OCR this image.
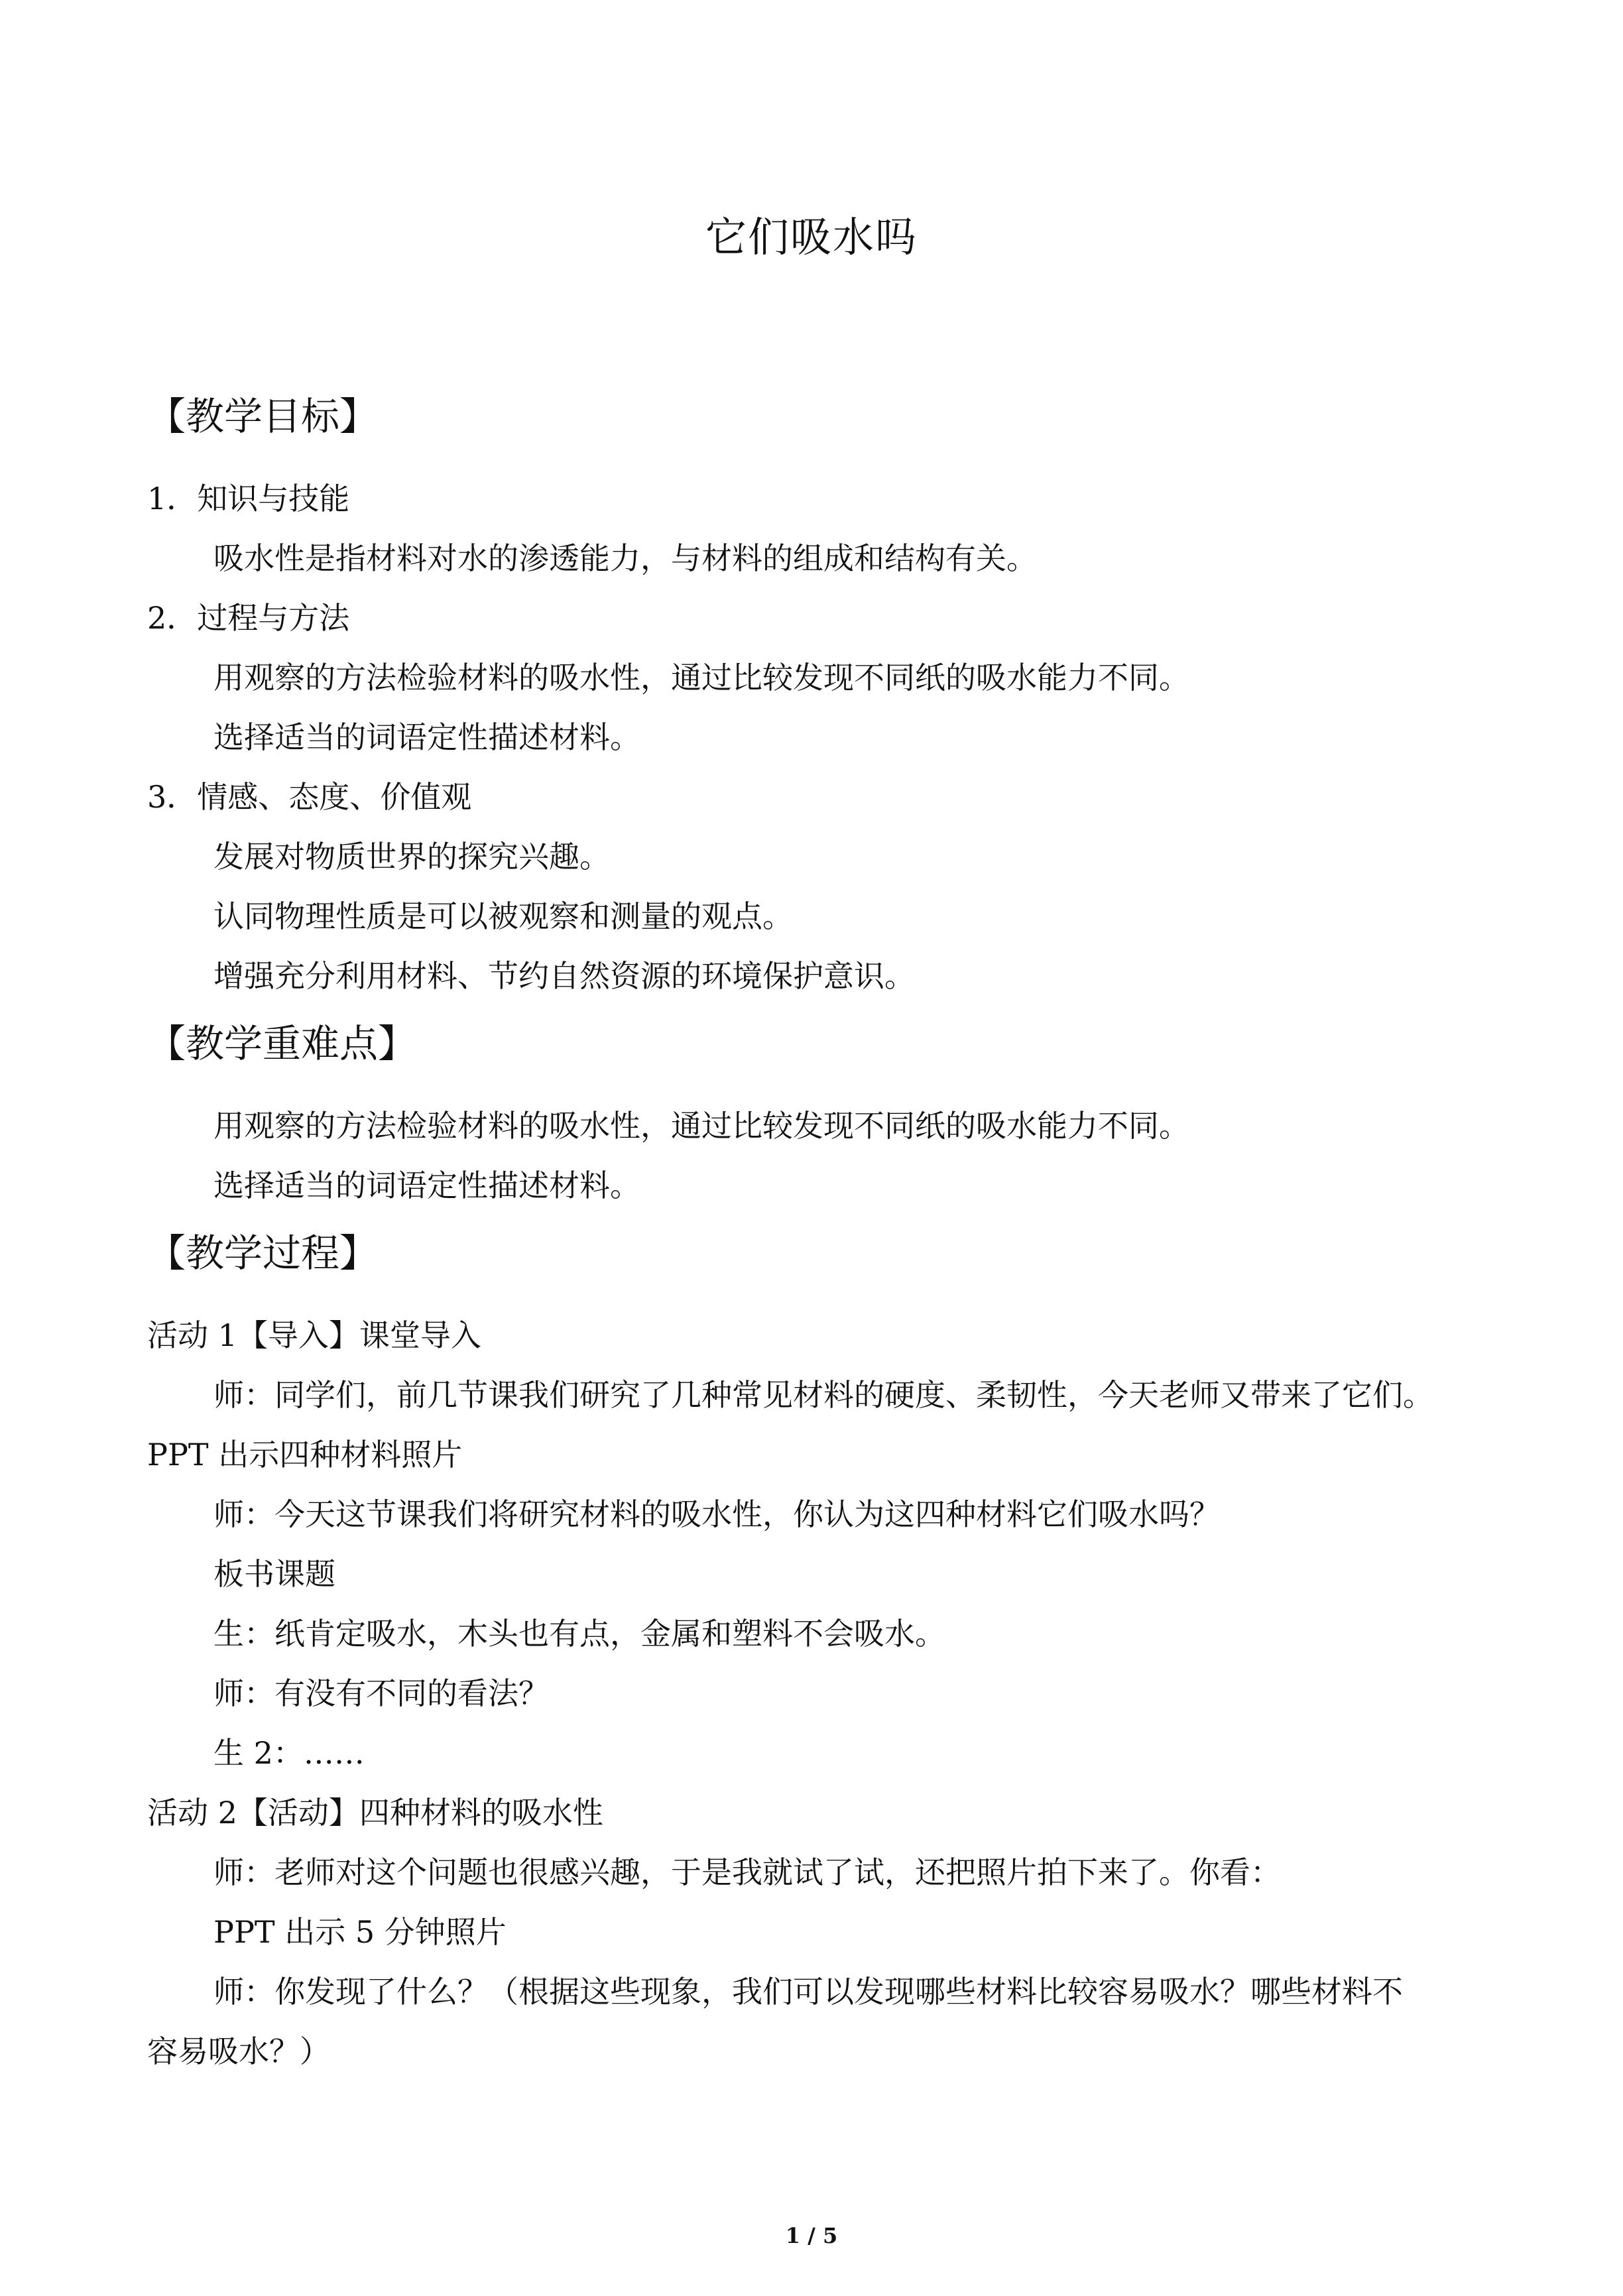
它们吸水吗
【教学目标】
1．知识与技能
吸水性是指材料对水的渗透能力，与材料的组成和结构有关。
2．过程与方法
用观察的方法检验材料的吸水性，通过比较发现不同纸的吸水能力不同。
选择适当的词语定性描述材料。
3．情感、态度、价值观
发展对物质世界的探究兴趣。
认同物理性质是可以被观察和测量的观点。
增强充分利用材料、节约自然资源的环境保护意识。
【教学重难点】
用观察的方法检验材料的吸水性，通过比较发现不同纸的吸水能力不同。
选择适当的词语定性描述材料。
【教学过程】
活动 1【导入】课堂导入
师：同学们，前几节课我们研究了几种常见材料的硬度、柔韧性，今天老师又带来了它们。
PPT 出示四种材料照片
师：今天这节课我们将研究材料的吸水性，你认为这四种材料它们吸水吗？
板书课题
生：纸肯定吸水，木头也有点，金属和塑料不会吸水。
师：有没有不同的看法？
生 2：……
活动 2【活动】四种材料的吸水性
师：老师对这个问题也很感兴趣，于是我就试了试，还把照片拍下来了。你看：
PPT 出示 5 分钟照片
师：你发现了什么？（根据这些现象，我们可以发现哪些材料比较容易吸水？哪些材料不
容易吸水？）
1 / 5
